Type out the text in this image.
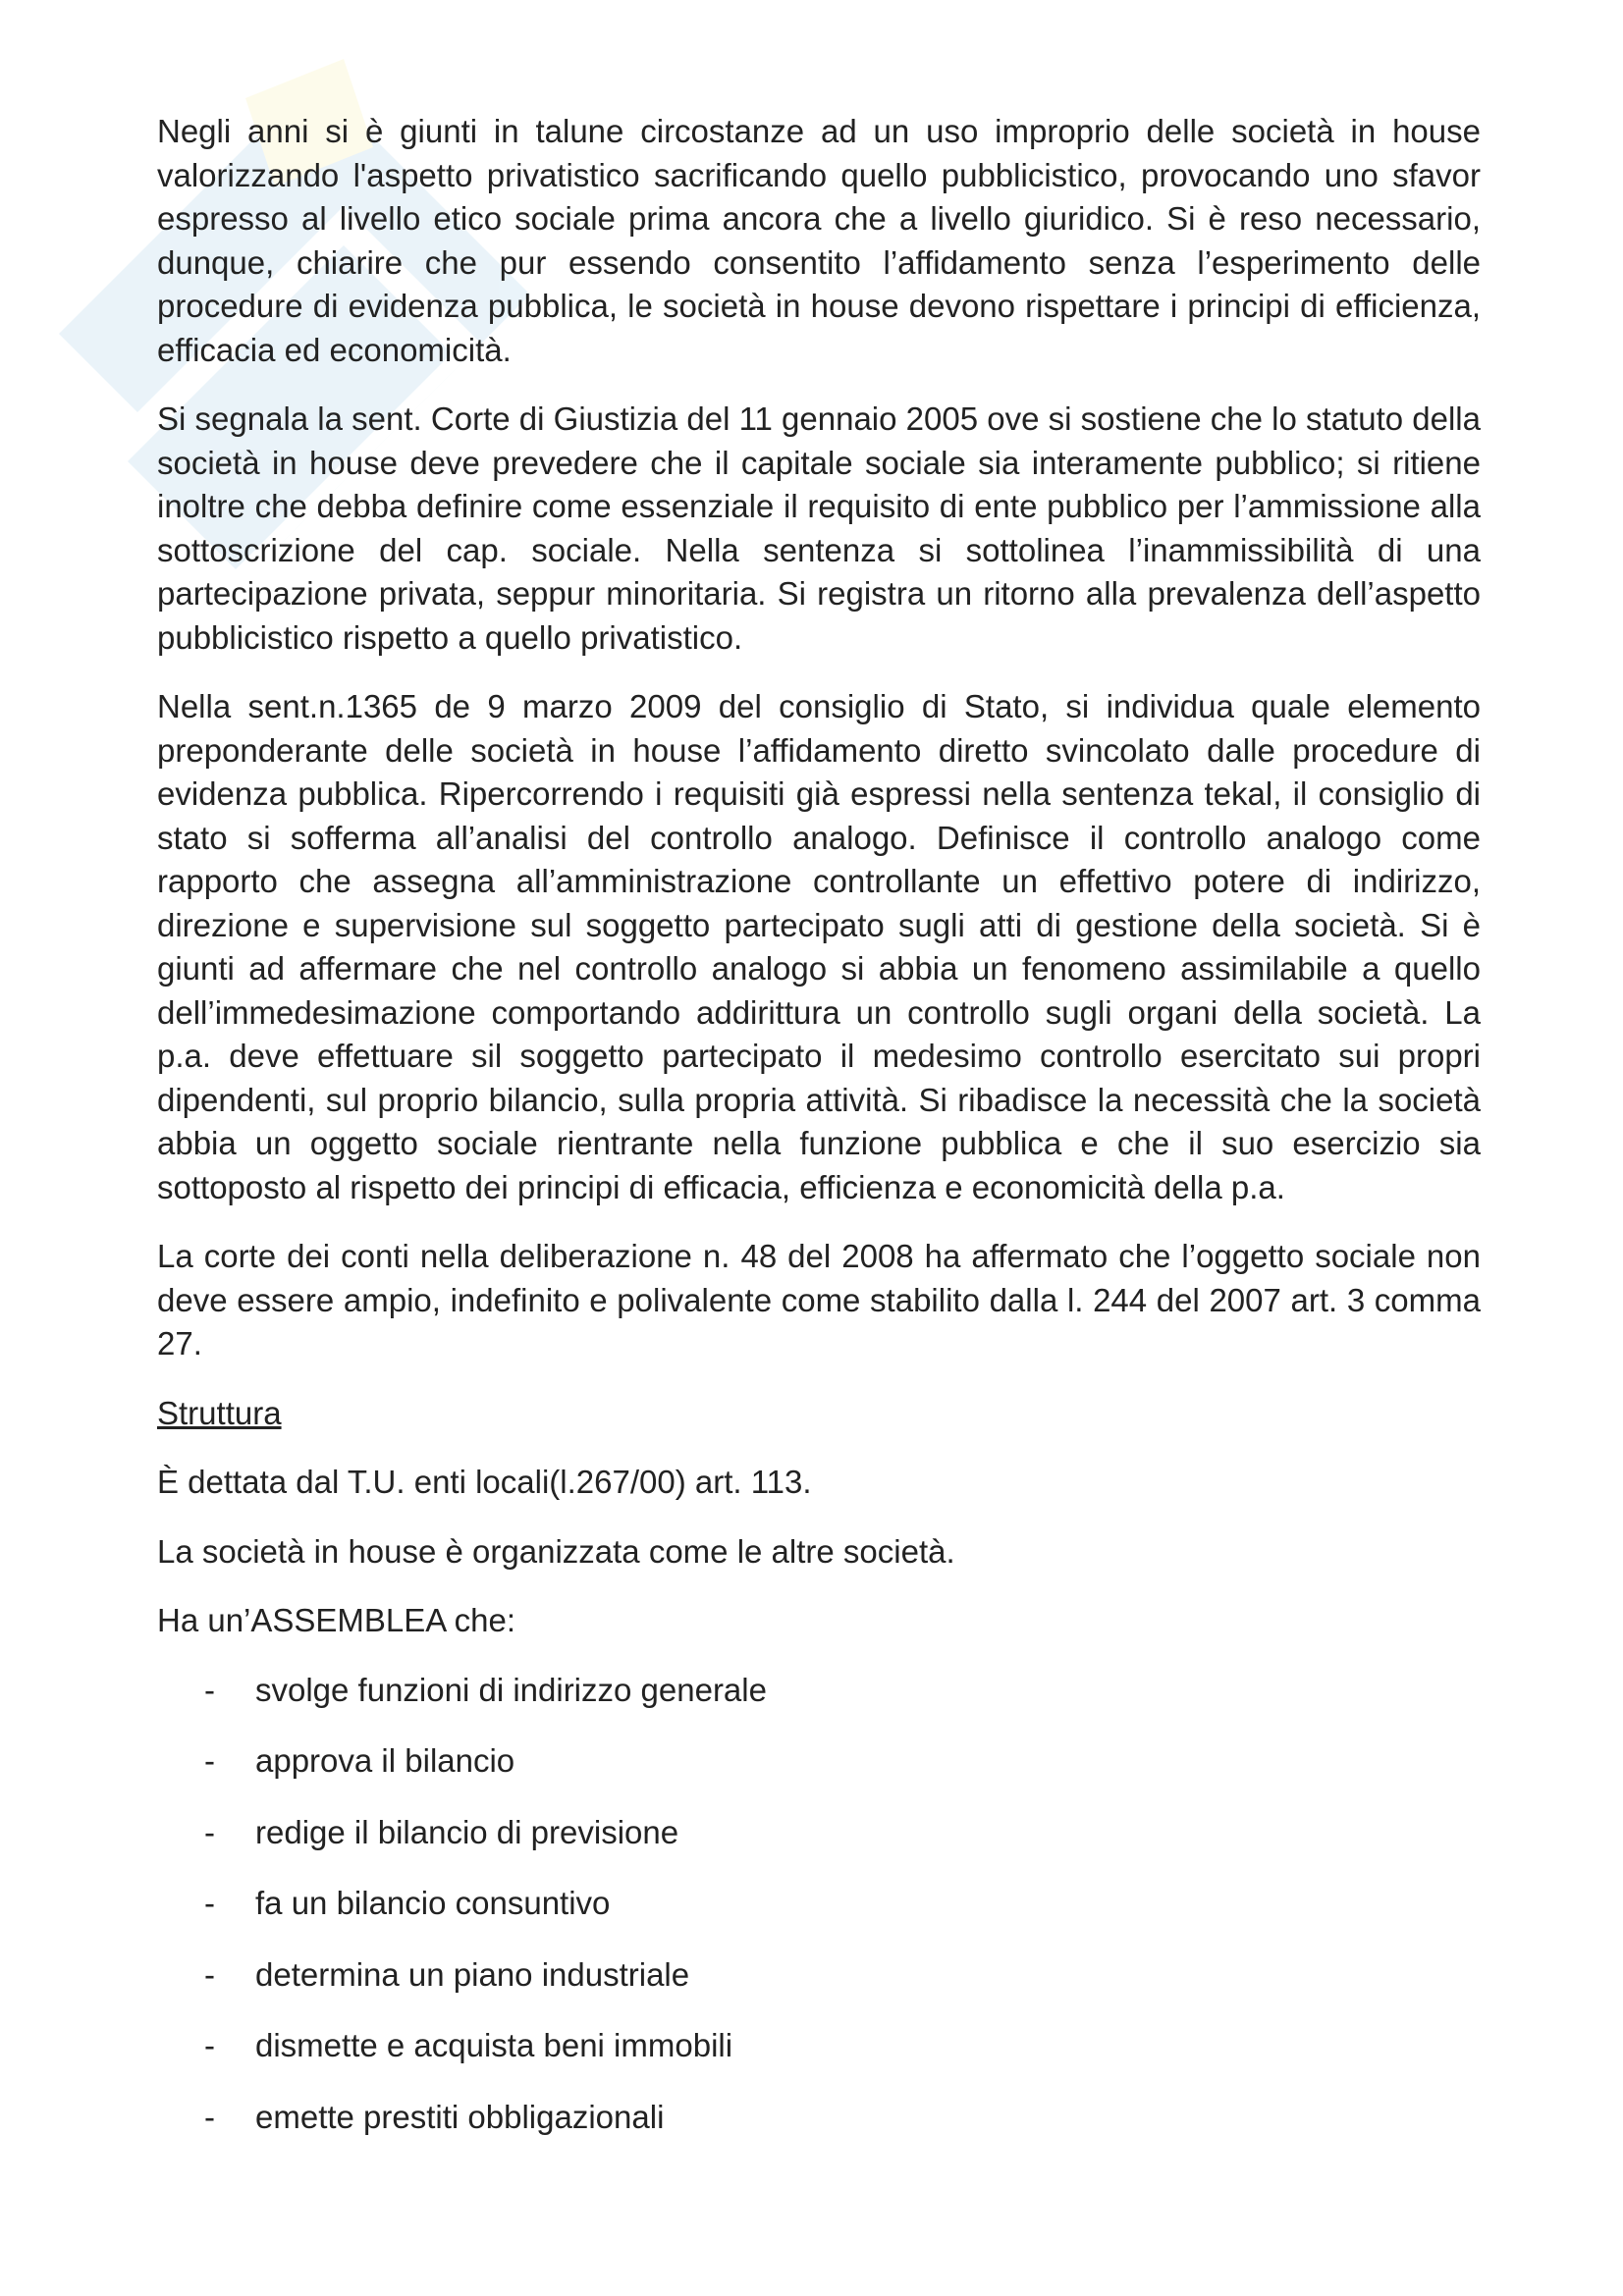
Negli anni si è giunti in talune circostanze ad un uso improprio delle società in house valorizzando l'aspetto privatistico sacrificando quello pubblicistico, provocando uno sfavor espresso al livello etico sociale prima ancora che a livello giuridico. Si è reso necessario, dunque, chiarire che pur essendo consentito l’affidamento senza l’esperimento delle procedure di evidenza pubblica, le società in house devono rispettare i principi di efficienza, efficacia ed economicità.

Si segnala la sent. Corte di Giustizia del 11 gennaio 2005 ove si sostiene che lo statuto della società in house deve prevedere che il capitale sociale sia interamente pubblico; si ritiene inoltre che debba definire come essenziale il requisito di ente pubblico per l’ammissione alla sottoscrizione del cap. sociale. Nella sentenza si sottolinea l’inammissibilità di una partecipazione privata, seppur minoritaria. Si registra un ritorno alla prevalenza dell’aspetto pubblicistico rispetto a quello privatistico.

Nella sent.n.1365 de 9 marzo 2009 del consiglio di Stato, si individua quale elemento preponderante delle società in house l’affidamento diretto svincolato dalle procedure di evidenza pubblica. Ripercorrendo i requisiti già espressi nella sentenza tekal, il consiglio di stato si sofferma all’analisi del controllo analogo. Definisce il controllo analogo come rapporto che assegna all’amministrazione controllante un effettivo potere di indirizzo, direzione e supervisione sul soggetto partecipato sugli atti di gestione della società. Si è giunti ad affermare che nel controllo analogo si abbia un fenomeno assimilabile a quello dell’immedesimazione comportando addirittura un controllo sugli organi della società. La p.a. deve effettuare sil soggetto partecipato il medesimo controllo esercitato sui propri dipendenti, sul proprio bilancio, sulla propria attività. Si ribadisce la necessità che la società abbia un oggetto sociale rientrante nella funzione pubblica e che il suo esercizio sia sottoposto al rispetto dei principi di efficacia, efficienza e economicità della p.a.

La corte dei conti nella deliberazione n. 48 del 2008 ha affermato che l’oggetto sociale non deve essere ampio, indefinito e polivalente come stabilito dalla l. 244 del 2007 art. 3 comma 27.

Struttura

È dettata dal T.U. enti locali(l.267/00) art. 113.

La società in house è organizzata come le altre società.

Ha un’ASSEMBLEA che:

- svolge funzioni di indirizzo generale
- approva il bilancio
- redige il bilancio di previsione
- fa un bilancio consuntivo
- determina un piano industriale
- dismette e acquista beni immobili
- emette prestiti obbligazionali
